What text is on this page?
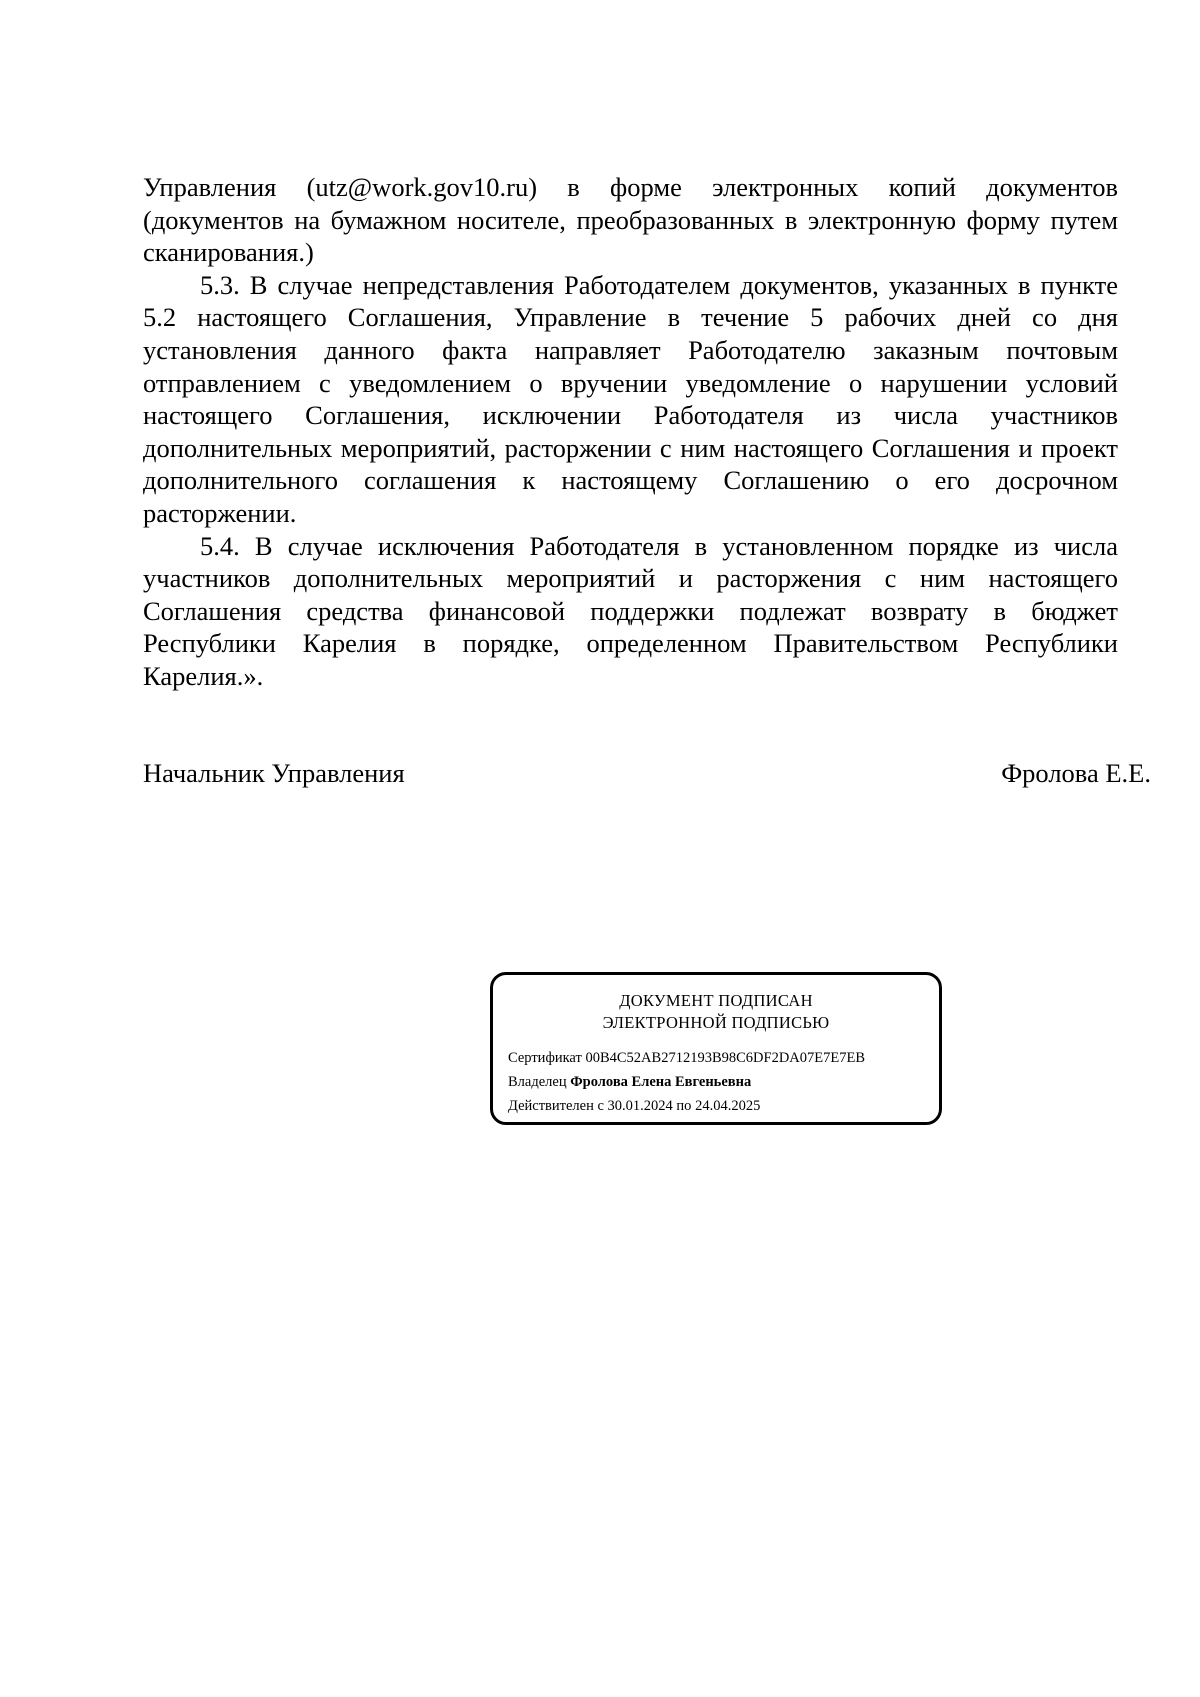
Управления (utz@work.gov10.ru) в форме электронных копий документов (документов на бумажном носителе, преобразованных в электронную форму путем сканирования.)

5.3. В случае непредставления Работодателем документов, указанных в пункте 5.2 настоящего Соглашения, Управление в течение 5 рабочих дней со дня установления данного факта направляет Работодателю заказным почтовым отправлением с уведомлением о вручении уведомление о нарушении условий настоящего Соглашения, исключении Работодателя из числа участников дополнительных мероприятий, расторжении с ним настоящего Соглашения и проект дополнительного соглашения к настоящему Соглашению о его досрочном расторжении.

5.4. В случае исключения Работодателя в установленном порядке из числа участников дополнительных мероприятий и расторжения с ним настоящего Соглашения средства финансовой поддержки подлежат возврату в бюджет Республики Карелия в порядке, определенном Правительством Республики Карелия.».

Начальник Управления	Фролова Е.Е.
ДОКУМЕНТ ПОДПИСАН
ЭЛЕКТРОННОЙ ПОДПИСЬЮ
Сертификат 00B4C52AB2712193B98C6DF2DA07E7E7EB
Владелец Фролова Елена Евгеньевна
Действителен с 30.01.2024 по 24.04.2025
